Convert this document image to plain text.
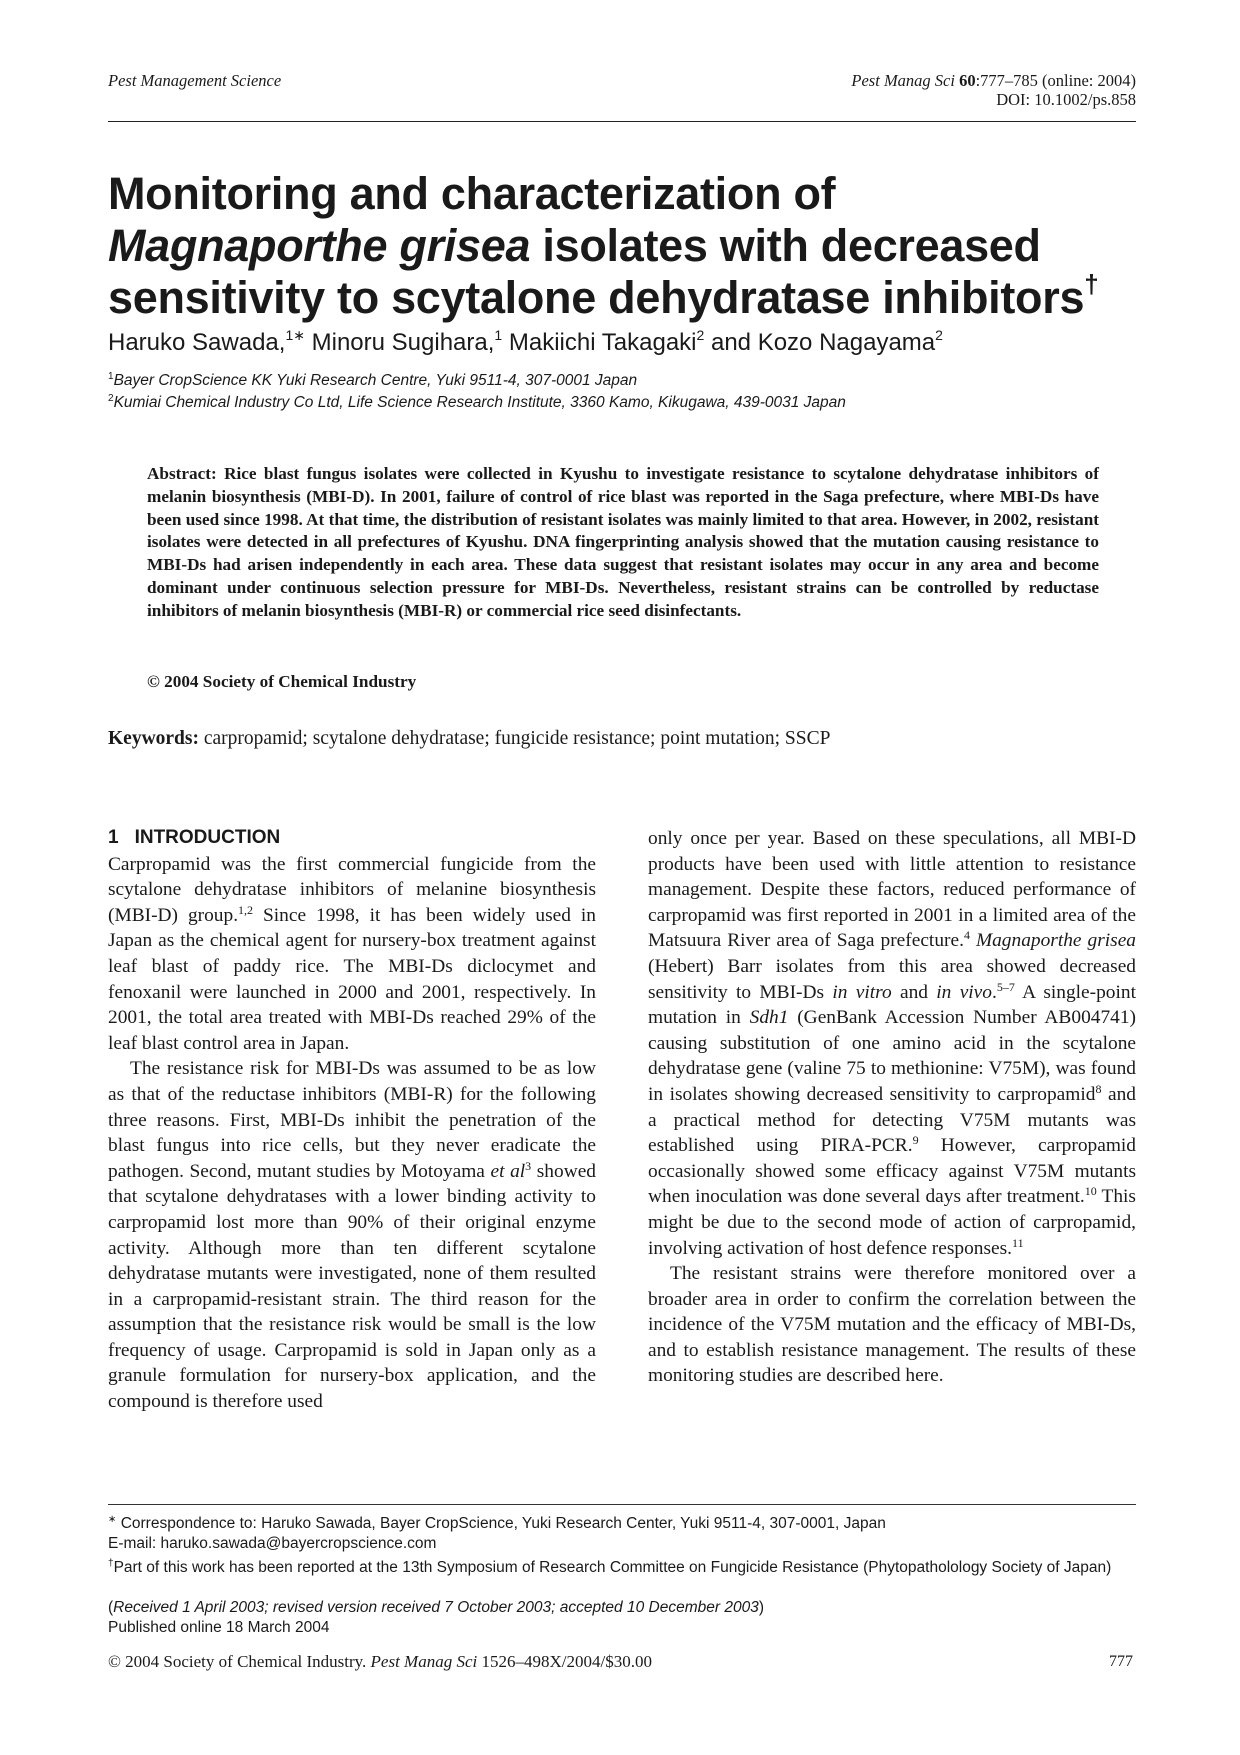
Pest Management Science	Pest Manag Sci 60:777–785 (online: 2004)
DOI: 10.1002/ps.858
Monitoring and characterization of
Magnaporthe grisea isolates with decreased
sensitivity to scytalone dehydratase inhibitors†
Haruko Sawada,$^{1∗}$ Minoru Sugihara,$^1$ Makiichi Takagaki$^2$ and Kozo Nagayama$^2$
$^1$Bayer CropScience KK Yuki Research Centre, Yuki 9511-4, 307-0001 Japan
$^2$Kumiai Chemical Industry Co Ltd, Life Science Research Institute, 3360 Kamo, Kikugawa, 439-0031 Japan

Abstract: Rice blast fungus isolates were collected in Kyushu to investigate resistance to scytalone dehydratase inhibitors of melanin biosynthesis (MBI-D). In 2001, failure of control of rice blast was reported in the Saga prefecture, where MBI-Ds have been used since 1998. At that time, the distribution of resistant isolates was mainly limited to that area. However, in 2002, resistant isolates were detected in all prefectures of Kyushu. DNA fingerprinting analysis showed that the mutation causing resistance to MBI-Ds had arisen independently in each area. These data suggest that resistant isolates may occur in any area and become dominant under continuous selection pressure for MBI-Ds. Nevertheless, resistant strains can be controlled by reductase inhibitors of melanin biosynthesis (MBI-R) or commercial rice seed disinfectants.

© 2004 Society of Chemical Industry
Keywords: carpropamid; scytalone dehydratase; fungicide resistance; point mutation; SSCP
1 INTRODUCTION

Carpropamid was the first commercial fungicide from the scytalone dehydratase inhibitors of melanine biosynthesis (MBI-D) group.$^{1,2}$ Since 1998, it has been widely used in Japan as the chemical agent for nursery-box treatment against leaf blast of paddy rice. The MBI-Ds diclocymet and fenoxanil were launched in 2000 and 2001, respectively. In 2001, the total area treated with MBI-Ds reached 29% of the leaf blast control area in Japan.

The resistance risk for MBI-Ds was assumed to be as low as that of the reductase inhibitors (MBI-R) for the following three reasons. First, MBI-Ds inhibit the penetration of the blast fungus into rice cells, but they never eradicate the pathogen. Second, mutant studies by Motoyama et $al^3$ showed that scytalone dehydratases with a lower binding activity to carpropamid lost more than 90% of their original enzyme activity. Although more than ten different scytalone dehydratase mutants were investigated, none of them resulted in a carpropamid-resistant strain. The third reason for the assumption that the resistance risk would be small is the low frequency of usage. Carpropamid is sold in Japan only as a granule formulation for nursery-box application, and the compound is therefore used

only once per year. Based on these speculations, all MBI-D products have been used with little attention to resistance management. Despite these factors, reduced performance of carpropamid was first reported in 2001 in a limited area of the Matsuura River area of Saga prefecture.$^4$ Magnaporthe grisea (Hebert) Barr isolates from this area showed decreased sensitivity to MBI-Ds in vitro and in vivo.$^{5-7}$ A single-point mutation in Sdh1 (GenBank Accession Number AB004741) causing substitution of one amino acid in the scytalone dehydratase gene (valine 75 to methionine: V75M), was found in isolates showing decreased sensitivity to carpropamid$^8$ and a practical method for detecting V75M mutants was established using PIRA-PCR.$^9$ However, carpropamid occasionally showed some efficacy against V75M mutants when inoculation was done several days after treatment.$^{10}$ This might be due to the second mode of action of carpropamid, involving activation of host defence responses.$^{11}$

The resistant strains were therefore monitored over a broader area in order to confirm the correlation between the incidence of the V75M mutation and the efficacy of MBI-Ds, and to establish resistance management. The results of these monitoring studies are described here.

∗ Correspondence to: Haruko Sawada, Bayer CropScience, Yuki Research Center, Yuki 9511-4, 307-0001, Japan
E-mail: haruko.sawada@bayercropscience.com
†Part of this work has been reported at the 13th Symposium of Research Committee on Fungicide Resistance (Phytopatholology Society of Japan)
(Received 1 April 2003; revised version received 7 October 2003; accepted 10 December 2003)
Published online 18 March 2004
© 2004 Society of Chemical Industry. Pest Manag Sci 1526–498X/2004/$30.00	777
